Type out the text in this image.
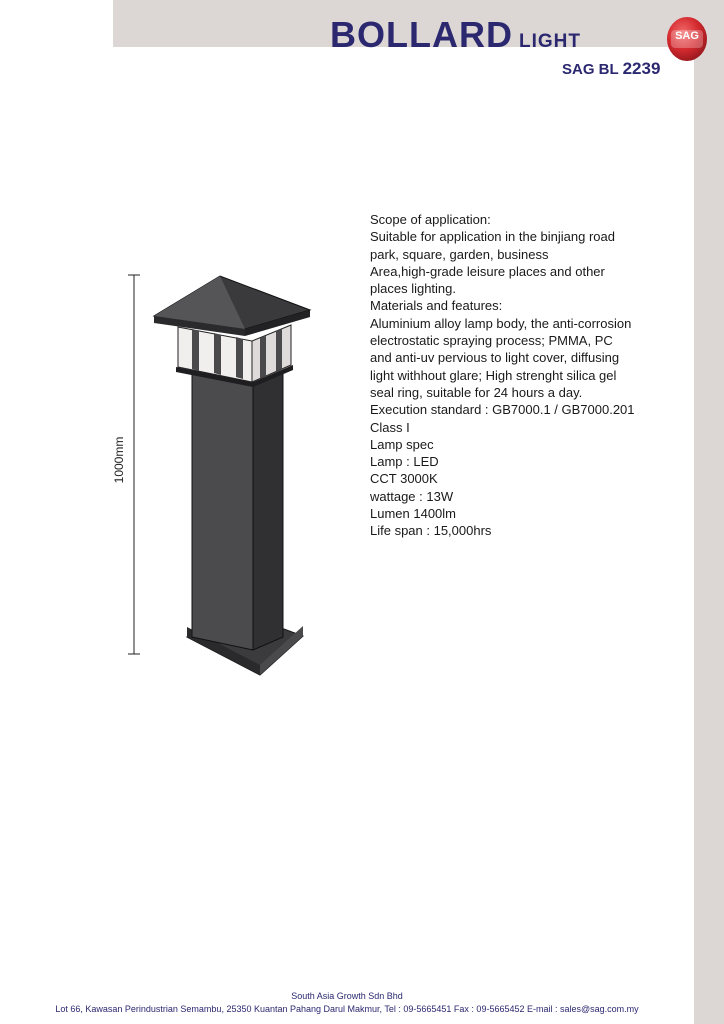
BOLLARD LIGHT
SAG BL 2239
SAG
1000mm
Scope of application:
Suitable for application in the binjiang road
park, square, garden, business
Area,high-grade leisure places and other
places lighting.
Materials and features:
Aluminium alloy lamp body, the anti-corrosion
electrostatic spraying process; PMMA, PC
and anti-uv pervious to light cover, diffusing
light withhout glare; High strenght silica gel
seal ring, suitable for 24 hours a day.
Execution standard : GB7000.1 / GB7000.201
Class I
Lamp spec
Lamp : LED
CCT 3000K
wattage : 13W
Lumen 1400lm
Life span : 15,000hrs
South Asia Growth Sdn Bhd
Lot 66, Kawasan Perindustrian Semambu, 25350 Kuantan Pahang Darul Makmur, Tel : 09-5665451 Fax : 09-5665452 E-mail : sales@sag.com.my
